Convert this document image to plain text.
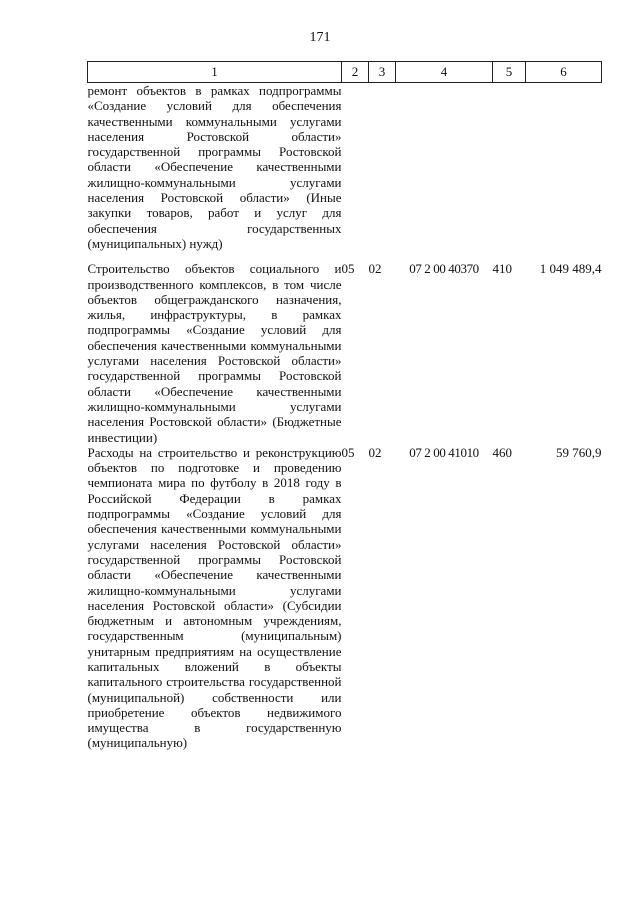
171
1	2	3	4	5	6
ремонт объектов в рамках подпрограммы «Создание условий для обеспечения качественными коммунальными услугами населения Ростовской области» государственной программы Ростовской области «Обеспечение качественными жилищно-коммунальными услугами населения Ростовской области» (Иные закупки товаров, работ и услуг для обеспечения государственных (муниципальных) нужд)					
Строительство объектов социального и производственного комплексов, в том числе объектов общегражданского назначения, жилья, инфраструктуры, в рамках подпрограммы «Создание условий для обеспечения качественными коммунальными услугами населения Ростовской области» государственной программы Ростовской области «Обеспечение качественными жилищно-коммунальными услугами населения Ростовской области» (Бюджетные инвестиции)	05	02	07 2 00 40370	410	1 049 489,4
Расходы на строительство и реконструкцию объектов по подготовке и проведению чемпионата мира по футболу в 2018 году в Российской Федерации в рамках подпрограммы «Создание условий для обеспечения качественными коммунальными услугами населения Ростовской области» государственной программы Ростовской области «Обеспечение качественными жилищно-коммунальными услугами населения Ростовской области» (Субсидии бюджетным и автономным учреждениям, государственным (муниципальным) унитарным предприятиям на осуществление капитальных вложений в объекты капитального строительства государственной (муниципальной) собственности или приобретение объектов недвижимого имущества в государственную (муниципальную)	05	02	07 2 00 41010	460	59 760,9
